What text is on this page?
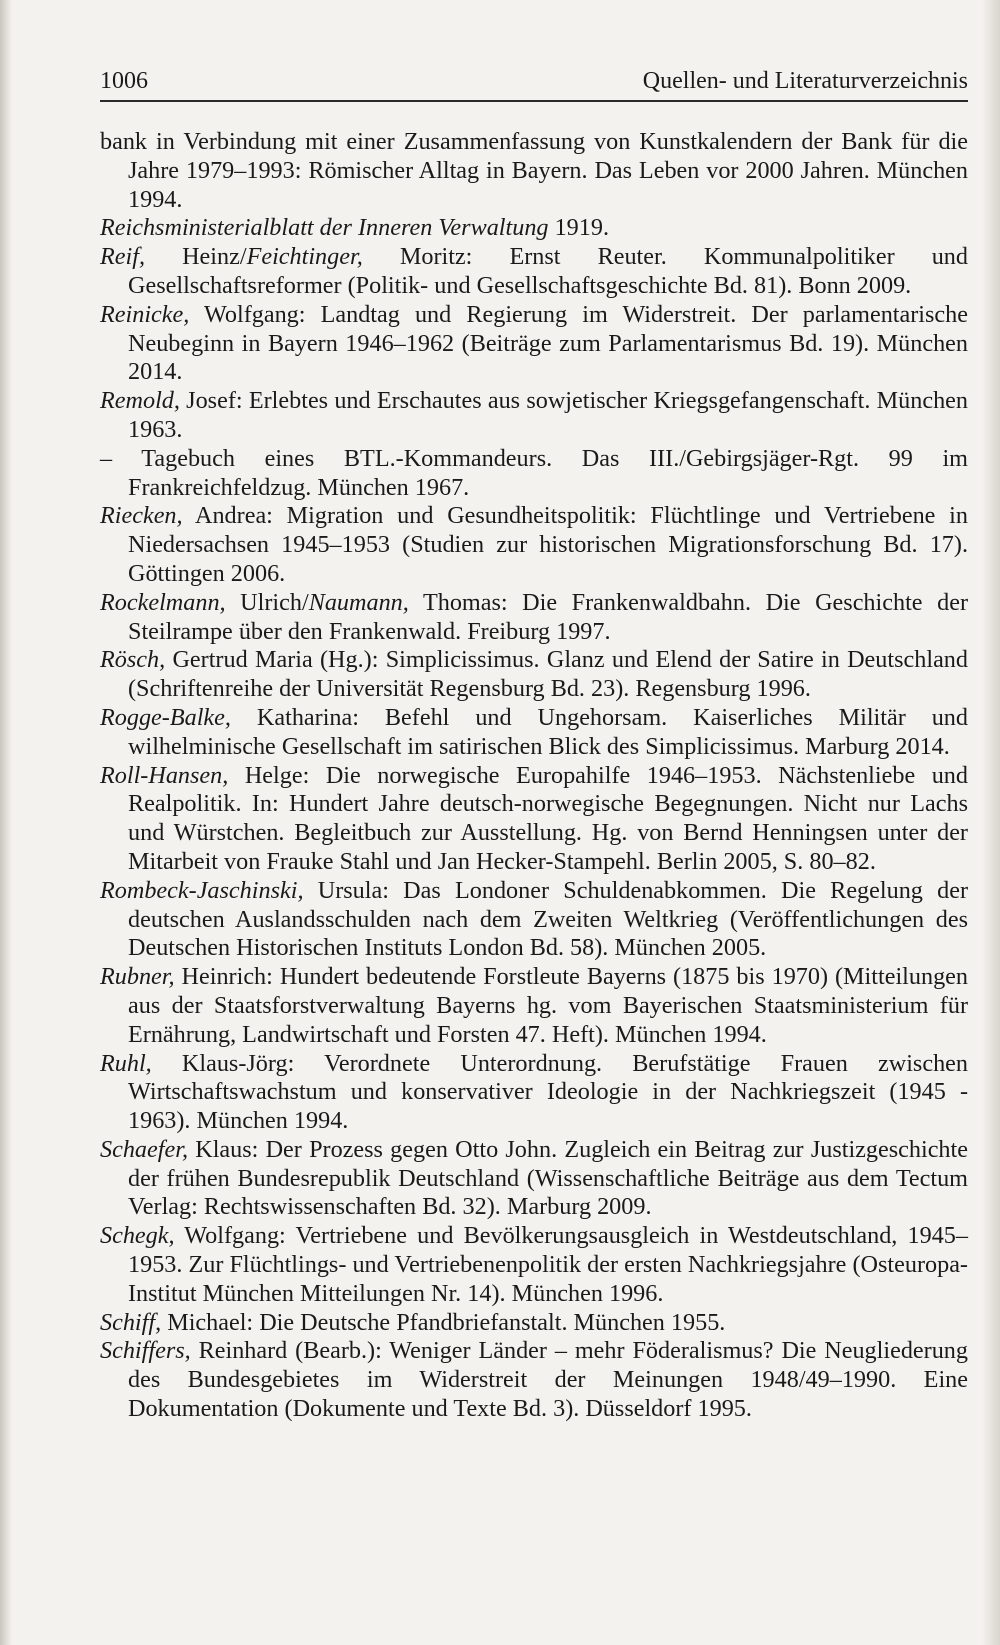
1006	Quellen- und Literaturverzeichnis

bank in Verbindung mit einer Zusammenfassung von Kunstkalendern der Bank für die Jahre 1979–1993: Römischer Alltag in Bayern. Das Leben vor 2000 Jahren. München 1994.

Reichsministerialblatt der Inneren Verwaltung 1919.

Reif, Heinz/Feichtinger, Moritz: Ernst Reuter. Kommunalpolitiker und Gesellschaftsreformer (Politik- und Gesellschaftsgeschichte Bd. 81). Bonn 2009.

Reinicke, Wolfgang: Landtag und Regierung im Widerstreit. Der parlamentarische Neubeginn in Bayern 1946–1962 (Beiträge zum Parlamentarismus Bd. 19). München 2014.

Remold, Josef: Erlebtes und Erschautes aus sowjetischer Kriegsgefangenschaft. München 1963.

– Tagebuch eines BTL.-Kommandeurs. Das III./Gebirgsjäger-Rgt. 99 im Frankreichfeldzug. München 1967.

Riecken, Andrea: Migration und Gesundheitspolitik: Flüchtlinge und Vertriebene in Niedersachsen 1945–1953 (Studien zur historischen Migrationsforschung Bd. 17). Göttingen 2006.

Rockelmann, Ulrich/Naumann, Thomas: Die Frankenwaldbahn. Die Geschichte der Steilrampe über den Frankenwald. Freiburg 1997.

Rösch, Gertrud Maria (Hg.): Simplicissimus. Glanz und Elend der Satire in Deutschland (Schriftenreihe der Universität Regensburg Bd. 23). Regensburg 1996.

Rogge-Balke, Katharina: Befehl und Ungehorsam. Kaiserliches Militär und wilhelminische Gesellschaft im satirischen Blick des Simplicissimus. Marburg 2014.

Roll-Hansen, Helge: Die norwegische Europahilfe 1946–1953. Nächstenliebe und Realpolitik. In: Hundert Jahre deutsch-norwegische Begegnungen. Nicht nur Lachs und Würstchen. Begleitbuch zur Ausstellung. Hg. von Bernd Henningsen unter der Mitarbeit von Frauke Stahl und Jan Hecker-Stampehl. Berlin 2005, S. 80–82.

Rombeck-Jaschinski, Ursula: Das Londoner Schuldenabkommen. Die Regelung der deutschen Auslandsschulden nach dem Zweiten Weltkrieg (Veröffentlichungen des Deutschen Historischen Instituts London Bd. 58). München 2005.

Rubner, Heinrich: Hundert bedeutende Forstleute Bayerns (1875 bis 1970) (Mitteilungen aus der Staatsforstverwaltung Bayerns hg. vom Bayerischen Staatsministerium für Ernährung, Landwirtschaft und Forsten 47. Heft). München 1994.

Ruhl, Klaus-Jörg: Verordnete Unterordnung. Berufstätige Frauen zwischen Wirtschaftswachstum und konservativer Ideologie in der Nachkriegszeit (1945 - 1963). München 1994.

Schaefer, Klaus: Der Prozess gegen Otto John. Zugleich ein Beitrag zur Justizgeschichte der frühen Bundesrepublik Deutschland (Wissenschaftliche Beiträge aus dem Tectum Verlag: Rechtswissenschaften Bd. 32). Marburg 2009.

Schegk, Wolfgang: Vertriebene und Bevölkerungsausgleich in Westdeutschland, 1945–1953. Zur Flüchtlings- und Vertriebenenpolitik der ersten Nachkriegsjahre (Osteuropa-Institut München Mitteilungen Nr. 14). München 1996.

Schiff, Michael: Die Deutsche Pfandbriefanstalt. München 1955.

Schiffers, Reinhard (Bearb.): Weniger Länder – mehr Föderalismus? Die Neugliederung des Bundesgebietes im Widerstreit der Meinungen 1948/49–1990. Eine Dokumentation (Dokumente und Texte Bd. 3). Düsseldorf 1995.
